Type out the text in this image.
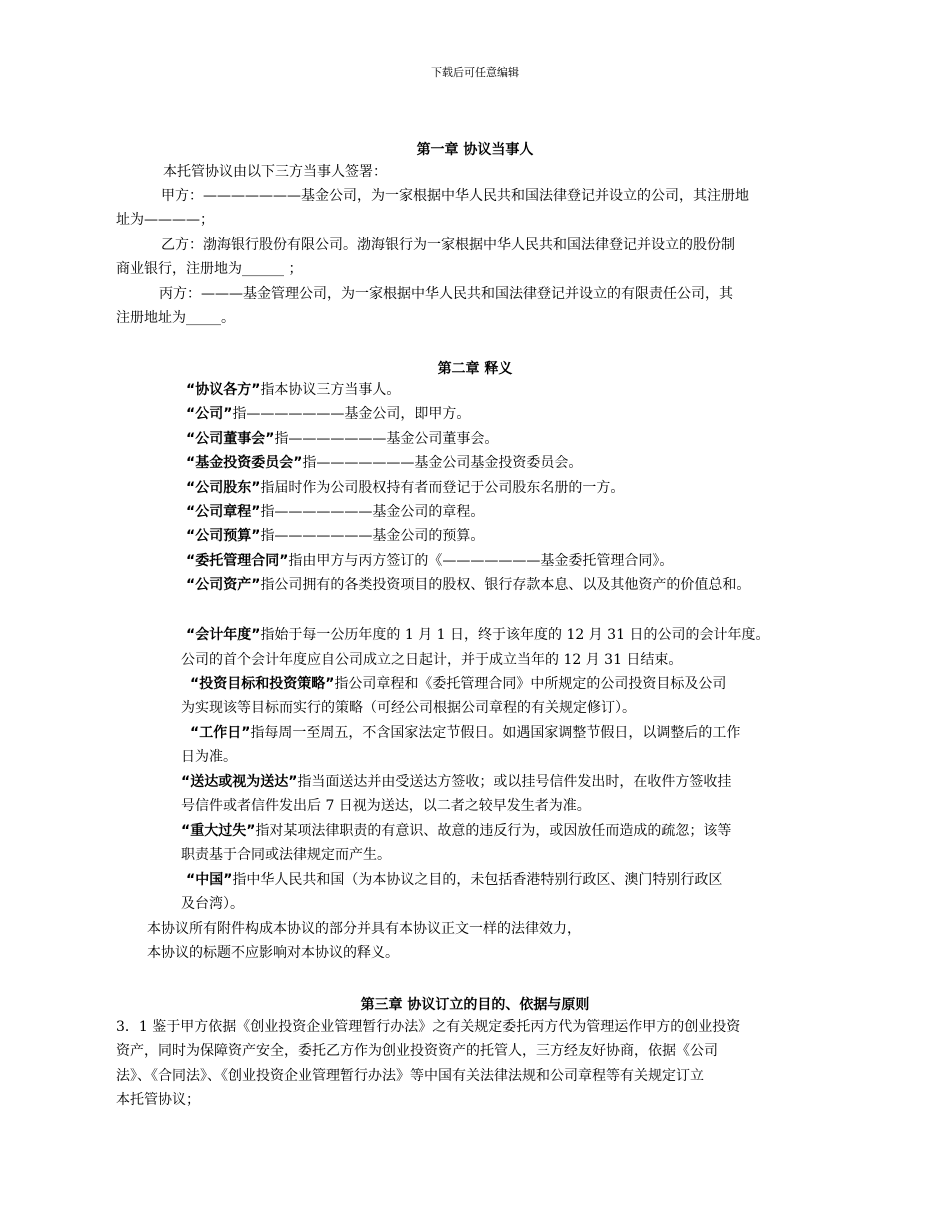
下载后可任意编辑
第一章 协议当事人
本托管协议由以下三方当事人签署：
甲方：———————基金公司，为一家根据中华人民共和国法律登记并设立的公司，其注册地
址为————；
乙方：渤海银行股份有限公司。渤海银行为一家根据中华人民共和国法律登记并设立的股份制
商业银行，注册地为______ ；
丙方：———基金管理公司，为一家根据中华人民共和国法律登记并设立的有限责任公司，其
注册地址为_____。
第二章 释义
“协议各方”指本协议三方当事人。
“公司”指———————基金公司，即甲方。
“公司董事会”指———————基金公司董事会。
“基金投资委员会”指———————基金公司基金投资委员会。
“公司股东”指届时作为公司股权持有者而登记于公司股东名册的一方。
“公司章程”指———————基金公司的章程。
“公司预算”指———————基金公司的预算。
“委托管理合同”指由甲方与丙方签订的《———————基金委托管理合同》。
“公司资产”指公司拥有的各类投资项目的股权、银行存款本息、以及其他资产的价值总和。
“会计年度”指始于每一公历年度的 1 月 1 日，终于该年度的 12 月 31 日的公司的会计年度。
公司的首个会计年度应自公司成立之日起计，并于成立当年的 12 月 31 日结束。
“投资目标和投资策略”指公司章程和《委托管理合同》中所规定的公司投资目标及公司
为实现该等目标而实行的策略（可经公司根据公司章程的有关规定修订）。
“工作日”指每周一至周五，不含国家法定节假日。如遇国家调整节假日，以调整后的工作
日为准。
“送达或视为送达”指当面送达并由受送达方签收；或以挂号信件发出时，在收件方签收挂
号信件或者信件发出后 7 日视为送达，以二者之较早发生者为准。
“重大过失”指对某项法律职责的有意识、故意的违反行为，或因放任而造成的疏忽；该等
职责基于合同或法律规定而产生。
“中国”指中华人民共和国（为本协议之目的，未包括香港特别行政区、澳门特别行政区
及台湾）。
本协议所有附件构成本协议的部分并具有本协议正文一样的法律效力，
本协议的标题不应影响对本协议的释义。
第三章 协议订立的目的、依据与原则
3．1 鉴于甲方依据《创业投资企业管理暂行办法》之有关规定委托丙方代为管理运作甲方的创业投资
资产，同时为保障资产安全，委托乙方作为创业投资资产的托管人，三方经友好协商，依据《公司
法》、《合同法》、《创业投资企业管理暂行办法》等中国有关法律法规和公司章程等有关规定订立
本托管协议；
